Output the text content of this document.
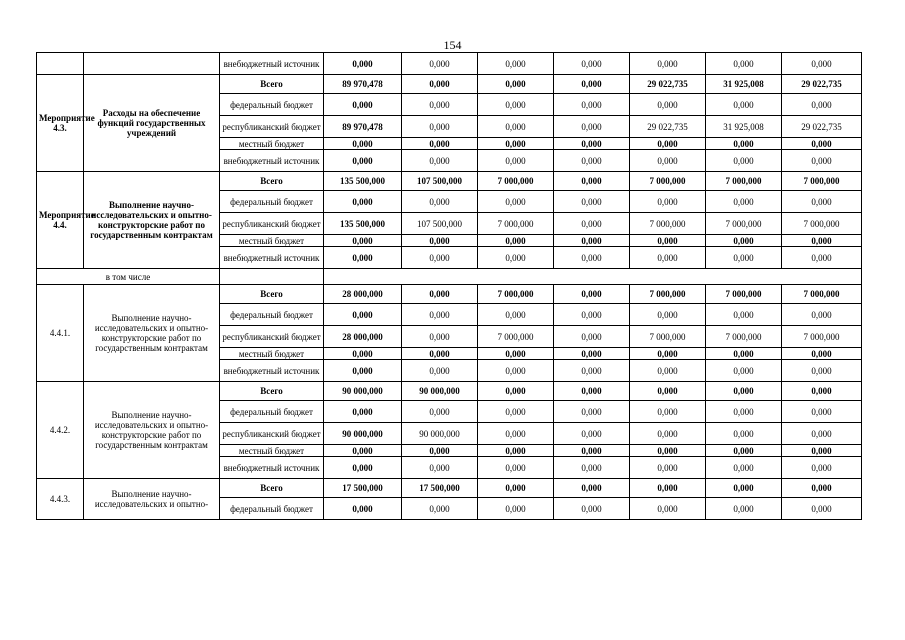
154
		внебюджетный источник	0,000	0,000	0,000	0,000	0,000	0,000	0,000
Мероприятие 4.3.	Расходы на обеспечение функций государственных учреждений	Всего	89 970,478	0,000	0,000	0,000	29 022,735	31 925,008	29 022,735
		федеральный бюджет	0,000	0,000	0,000	0,000	0,000	0,000	0,000
		республиканский бюджет	89 970,478	0,000	0,000	0,000	29 022,735	31 925,008	29 022,735
		местный бюджет	0,000	0,000	0,000	0,000	0,000	0,000	0,000
		внебюджетный источник	0,000	0,000	0,000	0,000	0,000	0,000	0,000
Мероприятие 4.4.	Выполнение научно-исследовательских и опытно-конструкторские работ по государственным контрактам	Всего	135 500,000	107 500,000	7 000,000	0,000	7 000,000	7 000,000	7 000,000
		федеральный бюджет	0,000	0,000	0,000	0,000	0,000	0,000	0,000
		республиканский бюджет	135 500,000	107 500,000	7 000,000	0,000	7 000,000	7 000,000	7 000,000
		местный бюджет	0,000	0,000	0,000	0,000	0,000	0,000	0,000
		внебюджетный источник	0,000	0,000	0,000	0,000	0,000	0,000	0,000
в том числе									
4.4.1.	Выполнение научно-исследовательских и опытно-конструкторские работ по государственным контрактам	Всего	28 000,000	0,000	7 000,000	0,000	7 000,000	7 000,000	7 000,000
		федеральный бюджет	0,000	0,000	0,000	0,000	0,000	0,000	0,000
		республиканский бюджет	28 000,000	0,000	7 000,000	0,000	7 000,000	7 000,000	7 000,000
		местный бюджет	0,000	0,000	0,000	0,000	0,000	0,000	0,000
		внебюджетный источник	0,000	0,000	0,000	0,000	0,000	0,000	0,000
4.4.2.	Выполнение научно-исследовательских и опытно-конструкторские работ по государственным контрактам	Всего	90 000,000	90 000,000	0,000	0,000	0,000	0,000	0,000
		федеральный бюджет	0,000	0,000	0,000	0,000	0,000	0,000	0,000
		республиканский бюджет	90 000,000	90 000,000	0,000	0,000	0,000	0,000	0,000
		местный бюджет	0,000	0,000	0,000	0,000	0,000	0,000	0,000
		внебюджетный источник	0,000	0,000	0,000	0,000	0,000	0,000	0,000
4.4.3.	Выполнение научно-исследовательских и опытно-	Всего	17 500,000	17 500,000	0,000	0,000	0,000	0,000	0,000
		федеральный бюджет	0,000	0,000	0,000	0,000	0,000	0,000	0,000
